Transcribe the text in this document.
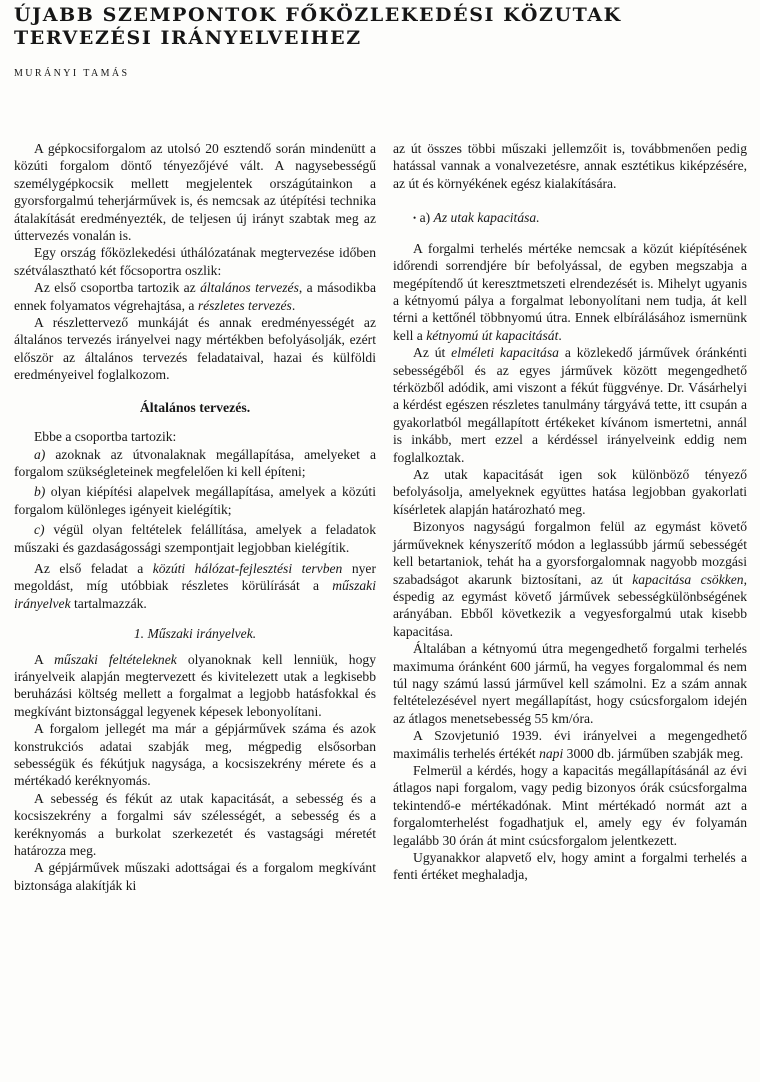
ÚJABB SZEMPONTOK FŐKÖZLEKEDÉSI KÖZUTAK
TERVEZÉSI IRÁNYELVEIHEZ
MURÁNYI TAMÁS

A gépkocsiforgalom az utolsó 20 esztendő során mindenütt a közúti forgalom döntő tényezőjévé vált. A nagysebességű személygépkocsik mellett megjelentek országútainkon a gyorsforgalmú teherjárművek is, és nemcsak az útépítési technika átalakítását eredményezték, de teljesen új irányt szabtak meg az úttervezés vonalán is.

Egy ország főközlekedési úthálózatának megtervezése időben szétválasztható két főcsoportra oszlik:

Az első csoportba tartozik az általános tervezés, a másodikba ennek folyamatos végrehajtása, a részletes tervezés.

A részlettervező munkáját és annak eredményességét az általános tervezés irányelvei nagy mértékben befolyásolják, ezért először az általános tervezés feladataival, hazai és külföldi eredményeivel foglalkozom.

Általános tervezés.

Ebbe a csoportba tartozik:

a) azoknak az útvonalaknak megállapítása, amelyeket a forgalom szükségleteinek megfelelően ki kell építeni;

b) olyan kiépítési alapelvek megállapítása, amelyek a közúti forgalom különleges igényeit kielégítik;

c) végül olyan feltételek felállítása, amelyek a feladatok műszaki és gazdaságossági szempontjait legjobban kielégítik.

Az első feladat a közúti hálózat-fejlesztési tervben nyer megoldást, míg utóbbiak részletes körülírását a műszaki irányelvek tartalmazzák.

1. Műszaki irányelvek.

A műszaki feltételeknek olyanoknak kell lenniük, hogy irányelveik alapján megtervezett és kivitelezett utak a legkisebb beruházási költség mellett a forgalmat a legjobb hatásfokkal és megkívánt biztonsággal legyenek képesek lebonyolítani.

A forgalom jellegét ma már a gépjárművek száma és azok konstrukciós adatai szabják meg, mégpedig elsősorban sebességük és fékútjuk nagysága, a kocsiszekrény mérete és a mértékadó keréknyomás.

A sebesség és fékút az utak kapacitását, a sebesség és a kocsiszekrény a forgalmi sáv szélességét, a sebesség és a keréknyomás a burkolat szerkezetét és vastagsági méretét határozza meg.

A gépjárművek műszaki adottságai és a forgalom megkívánt biztonsága alakítják ki

az út összes többi műszaki jellemzőit is, továbbmenően pedig hatással vannak a vonalvezetésre, annak esztétikus kiképzésére, az út és környékének egész kialakítására.

• a) Az utak kapacitása.

A forgalmi terhelés mértéke nemcsak a közút kiépítésének időrendi sorrendjére bír befolyással, de egyben megszabja a megépítendő út keresztmetszeti elrendezését is. Mihelyt ugyanis a kétnyomú pálya a forgalmat lebonyolítani nem tudja, át kell térni a kettőnél többnyomú útra. Ennek elbírálásához ismernünk kell a kétnyomú út kapacitását.

Az út elméleti kapacitása a közlekedő járművek óránkénti sebességéből és az egyes járművek között megengedhető térközből adódik, ami viszont a fékút függvénye. Dr. Vásárhelyi a kérdést egészen részletes tanulmány tárgyává tette, itt csupán a gyakorlatból megállapított értékeket kívánom ismertetni, annál is inkább, mert ezzel a kérdéssel irányelveink eddig nem foglalkoztak.

Az utak kapacitását igen sok különböző tényező befolyásolja, amelyeknek együttes hatása legjobban gyakorlati kísérletek alapján határozható meg.

Bizonyos nagyságú forgalmon felül az egymást követő járműveknek kényszerítő módon a leglassúbb jármű sebességét kell betartaniok, tehát ha a gyorsforgalomnak nagyobb mozgási szabadságot akarunk biztosítani, az út kapacitása csökken, éspedig az egymást követő járművek sebességkülönbségének arányában. Ebből következik a vegyesforgalmú utak kisebb kapacitása.

Általában a kétnyomú útra megengedhető forgalmi terhelés maximuma óránként 600 jármű, ha vegyes forgalommal és nem túl nagy számú lassú járművel kell számolni. Ez a szám annak feltételezésével nyert megállapítást, hogy csúcsforgalom idején az átlagos menetsebesség 55 km/óra.

A Szovjetunió 1939. évi irányelvei a megengedhető maximális terhelés értékét napi 3000 db. járműben szabják meg.

Felmerül a kérdés, hogy a kapacitás megállapításánál az évi átlagos napi forgalom, vagy pedig bizonyos órák csúcsforgalma tekintendő-e mértékadónak. Mint mértékadó normát azt a forgalomterhelést fogadhatjuk el, amely egy év folyamán legalább 30 órán át mint csúcsforgalom jelentkezett.

Ugyanakkor alapvető elv, hogy amint a forgalmi terhelés a fenti értéket meghaladja,
